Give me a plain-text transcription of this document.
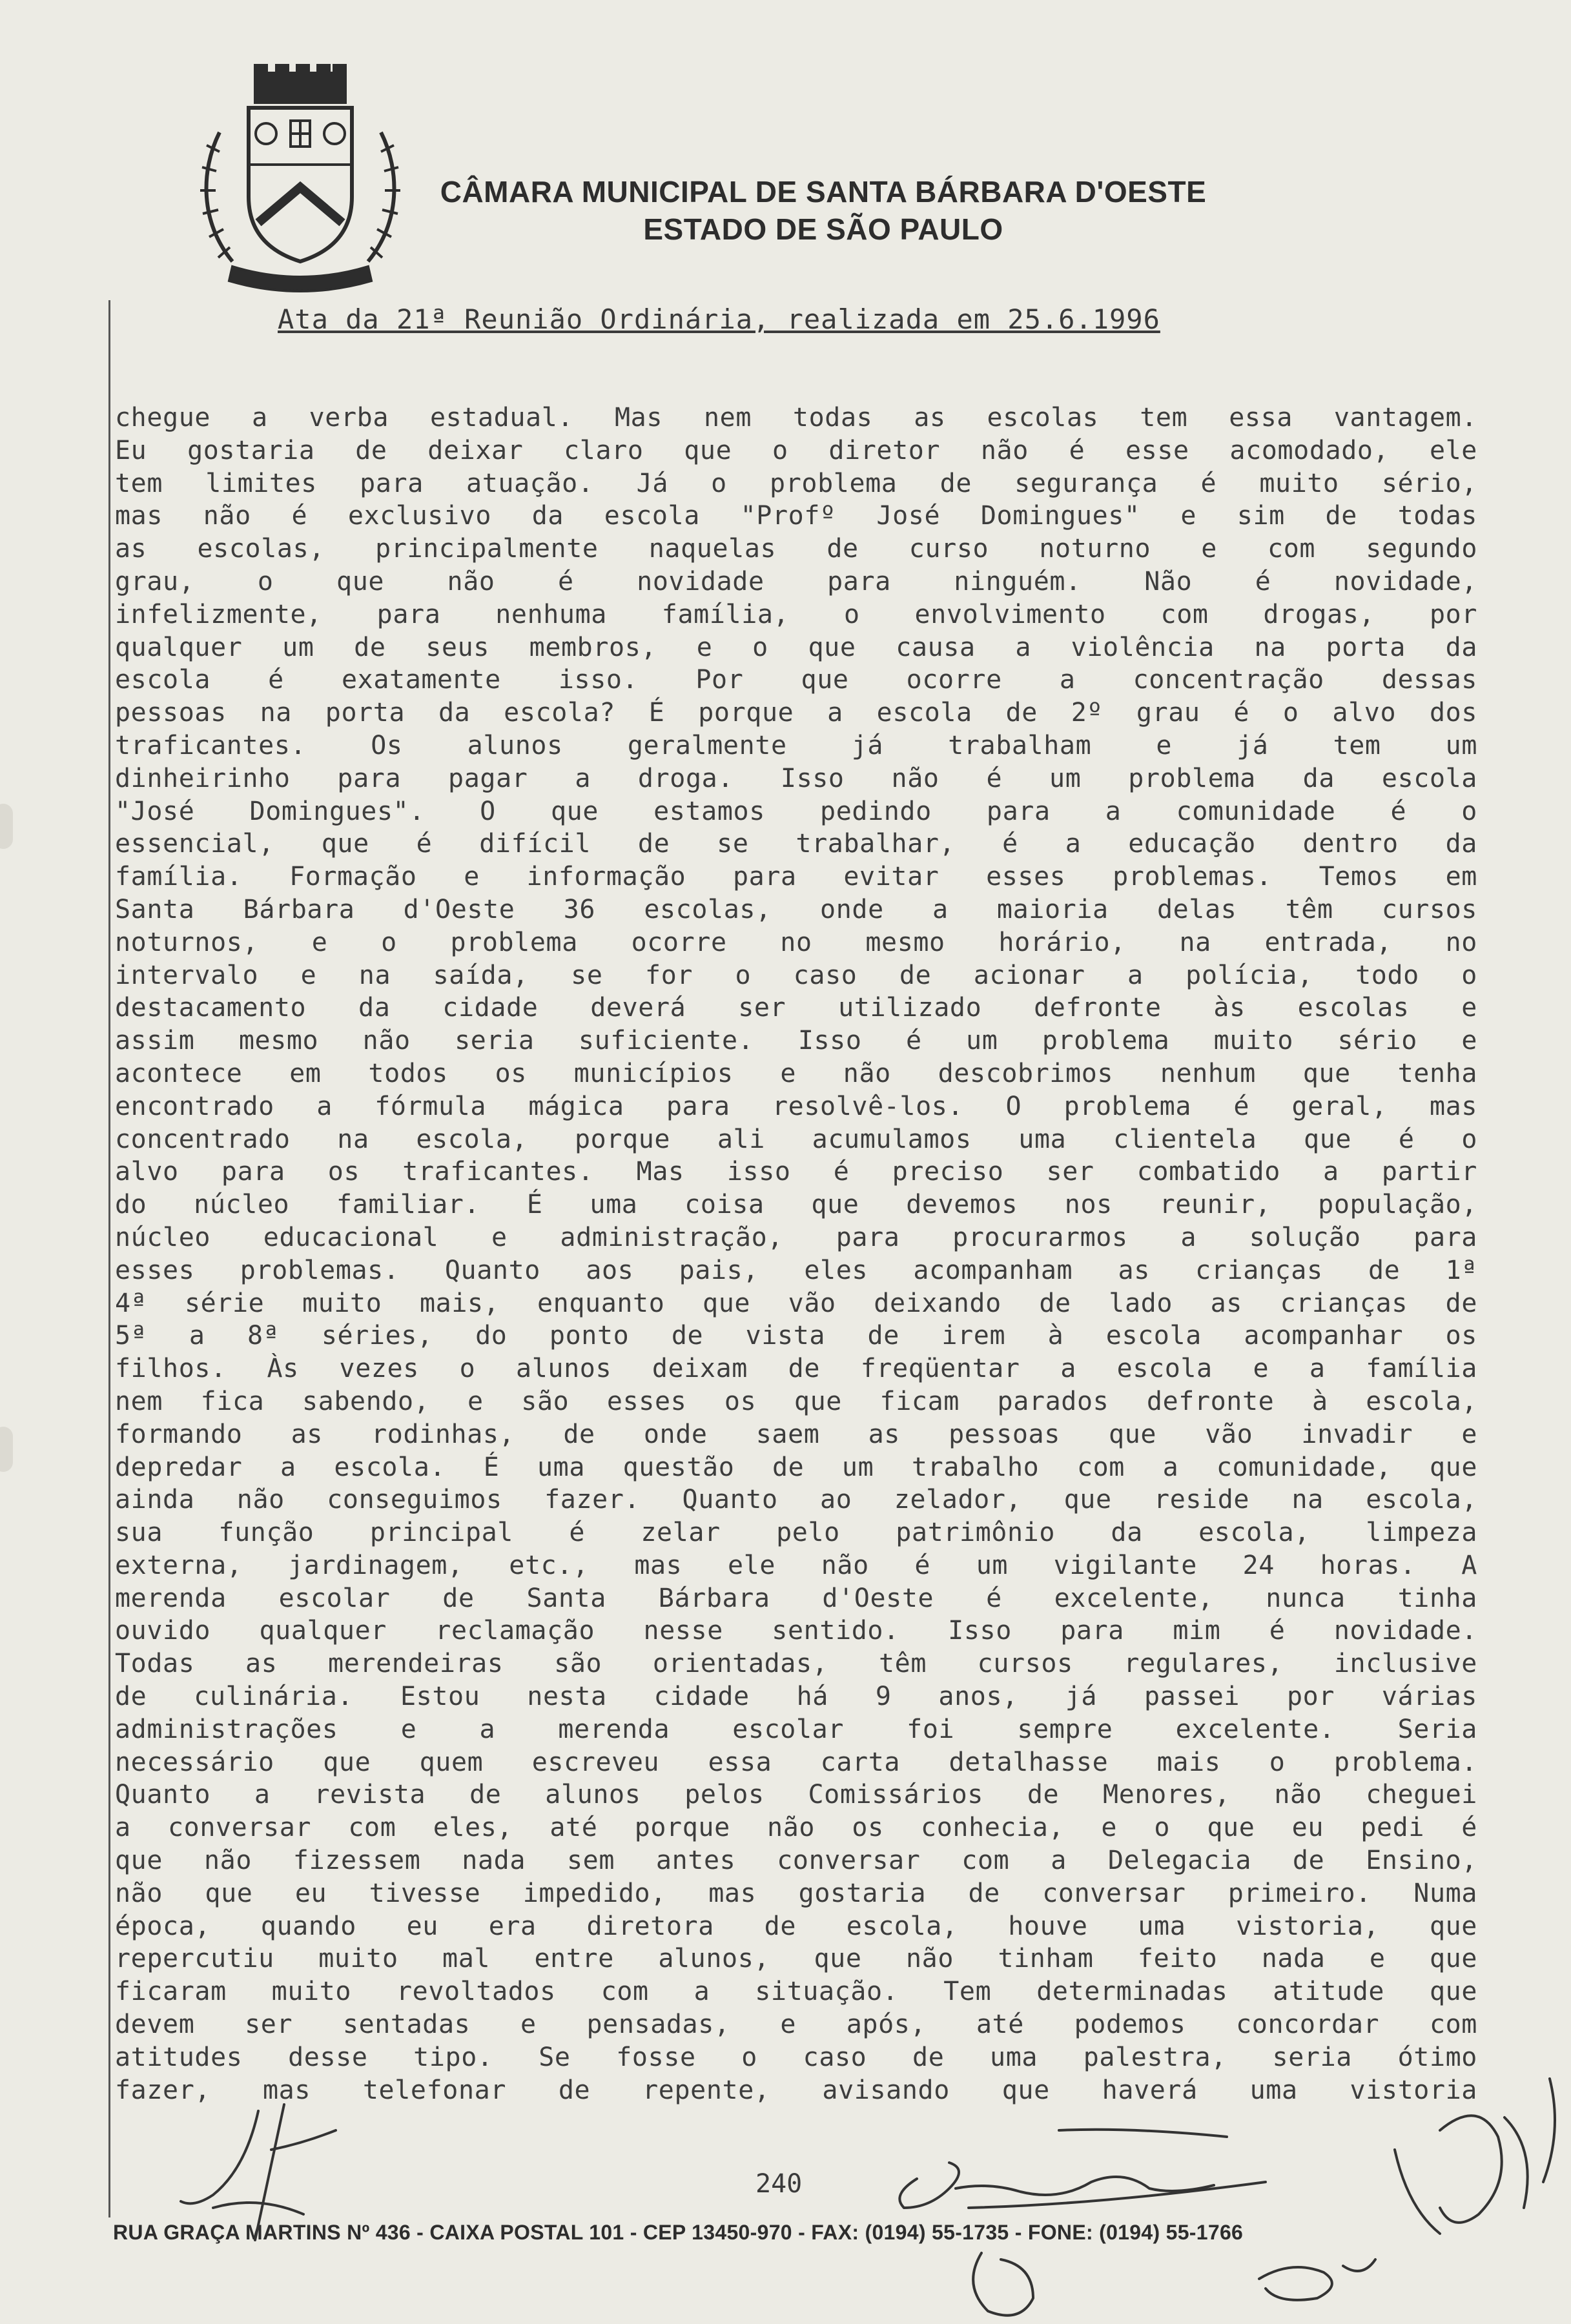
CÂMARA MUNICIPAL DE SANTA BÁRBARA D'OESTE
ESTADO DE SÃO PAULO
Ata da 21ª Reunião Ordinária, realizada em 25.6.1996
chegue a verba estadual. Mas nem todas as escolas tem essa vantagem.
Eu gostaria de deixar claro que o diretor não é esse acomodado, ele
tem limites para atuação. Já o problema de segurança é muito sério,
mas não é exclusivo da escola "Profº José Domingues" e sim de todas
as escolas, principalmente naquelas de curso noturno e com segundo
grau, o que não é novidade para ninguém. Não é novidade,
infelizmente, para nenhuma família, o envolvimento com drogas, por
qualquer um de seus membros, e o que causa a violência na porta da
escola é exatamente isso. Por que ocorre a concentração dessas
pessoas na porta da escola? É porque a escola de 2º grau é o alvo dos
traficantes. Os alunos geralmente já trabalham e já tem um
dinheirinho para pagar a droga. Isso não é um problema da escola
"José Domingues". O que estamos pedindo para a comunidade é o
essencial, que é difícil de se trabalhar, é a educação dentro da
família. Formação e informação para evitar esses problemas. Temos em
Santa Bárbara d'Oeste 36 escolas, onde a maioria delas têm cursos
noturnos, e o problema ocorre no mesmo horário, na entrada, no
intervalo e na saída, se for o caso de acionar a polícia, todo o
destacamento da cidade deverá ser utilizado defronte às escolas e
assim mesmo não seria suficiente. Isso é um problema muito sério e
acontece em todos os municípios e não descobrimos nenhum que tenha
encontrado a fórmula mágica para resolvê-los. O problema é geral, mas
concentrado na escola, porque ali acumulamos uma clientela que é o
alvo para os traficantes. Mas isso é preciso ser combatido a partir
do núcleo familiar. É uma coisa que devemos nos reunir, população,
núcleo educacional e administração, para procurarmos a solução para
esses problemas. Quanto aos pais, eles acompanham as crianças de 1ª
4ª série muito mais, enquanto que vão deixando de lado as crianças de
5ª a 8ª séries, do ponto de vista de irem à escola acompanhar os
filhos. Às vezes o alunos deixam de freqüentar a escola e a família
nem fica sabendo, e são esses os que ficam parados defronte à escola,
formando as rodinhas, de onde saem as pessoas que vão invadir e
depredar a escola. É uma questão de um trabalho com a comunidade, que
ainda não conseguimos fazer. Quanto ao zelador, que reside na escola,
sua função principal é zelar pelo patrimônio da escola, limpeza
externa, jardinagem, etc., mas ele não é um vigilante 24 horas. A
merenda escolar de Santa Bárbara d'Oeste é excelente, nunca tinha
ouvido qualquer reclamação nesse sentido. Isso para mim é novidade.
Todas as merendeiras são orientadas, têm cursos regulares, inclusive
de culinária. Estou nesta cidade há 9 anos, já passei por várias
administrações e a merenda escolar foi sempre excelente. Seria
necessário que quem escreveu essa carta detalhasse mais o problema.
Quanto a revista de alunos pelos Comissários de Menores, não cheguei
a conversar com eles, até porque não os conhecia, e o que eu pedi é
que não fizessem nada sem antes conversar com a Delegacia de Ensino,
não que eu tivesse impedido, mas gostaria de conversar primeiro. Numa
época, quando eu era diretora de escola, houve uma vistoria, que
repercutiu muito mal entre alunos, que não tinham feito nada e que
ficaram muito revoltados com a situação. Tem determinadas atitude que
devem ser sentadas e pensadas, e após, até podemos concordar com
atitudes desse tipo. Se fosse o caso de uma palestra, seria ótimo
fazer, mas telefonar de repente, avisando que haverá uma vistoria
240
RUA GRAÇA MARTINS Nº 436 - CAIXA POSTAL 101 - CEP 13450-970 - FAX: (0194) 55-1735 - FONE: (0194) 55-1766
